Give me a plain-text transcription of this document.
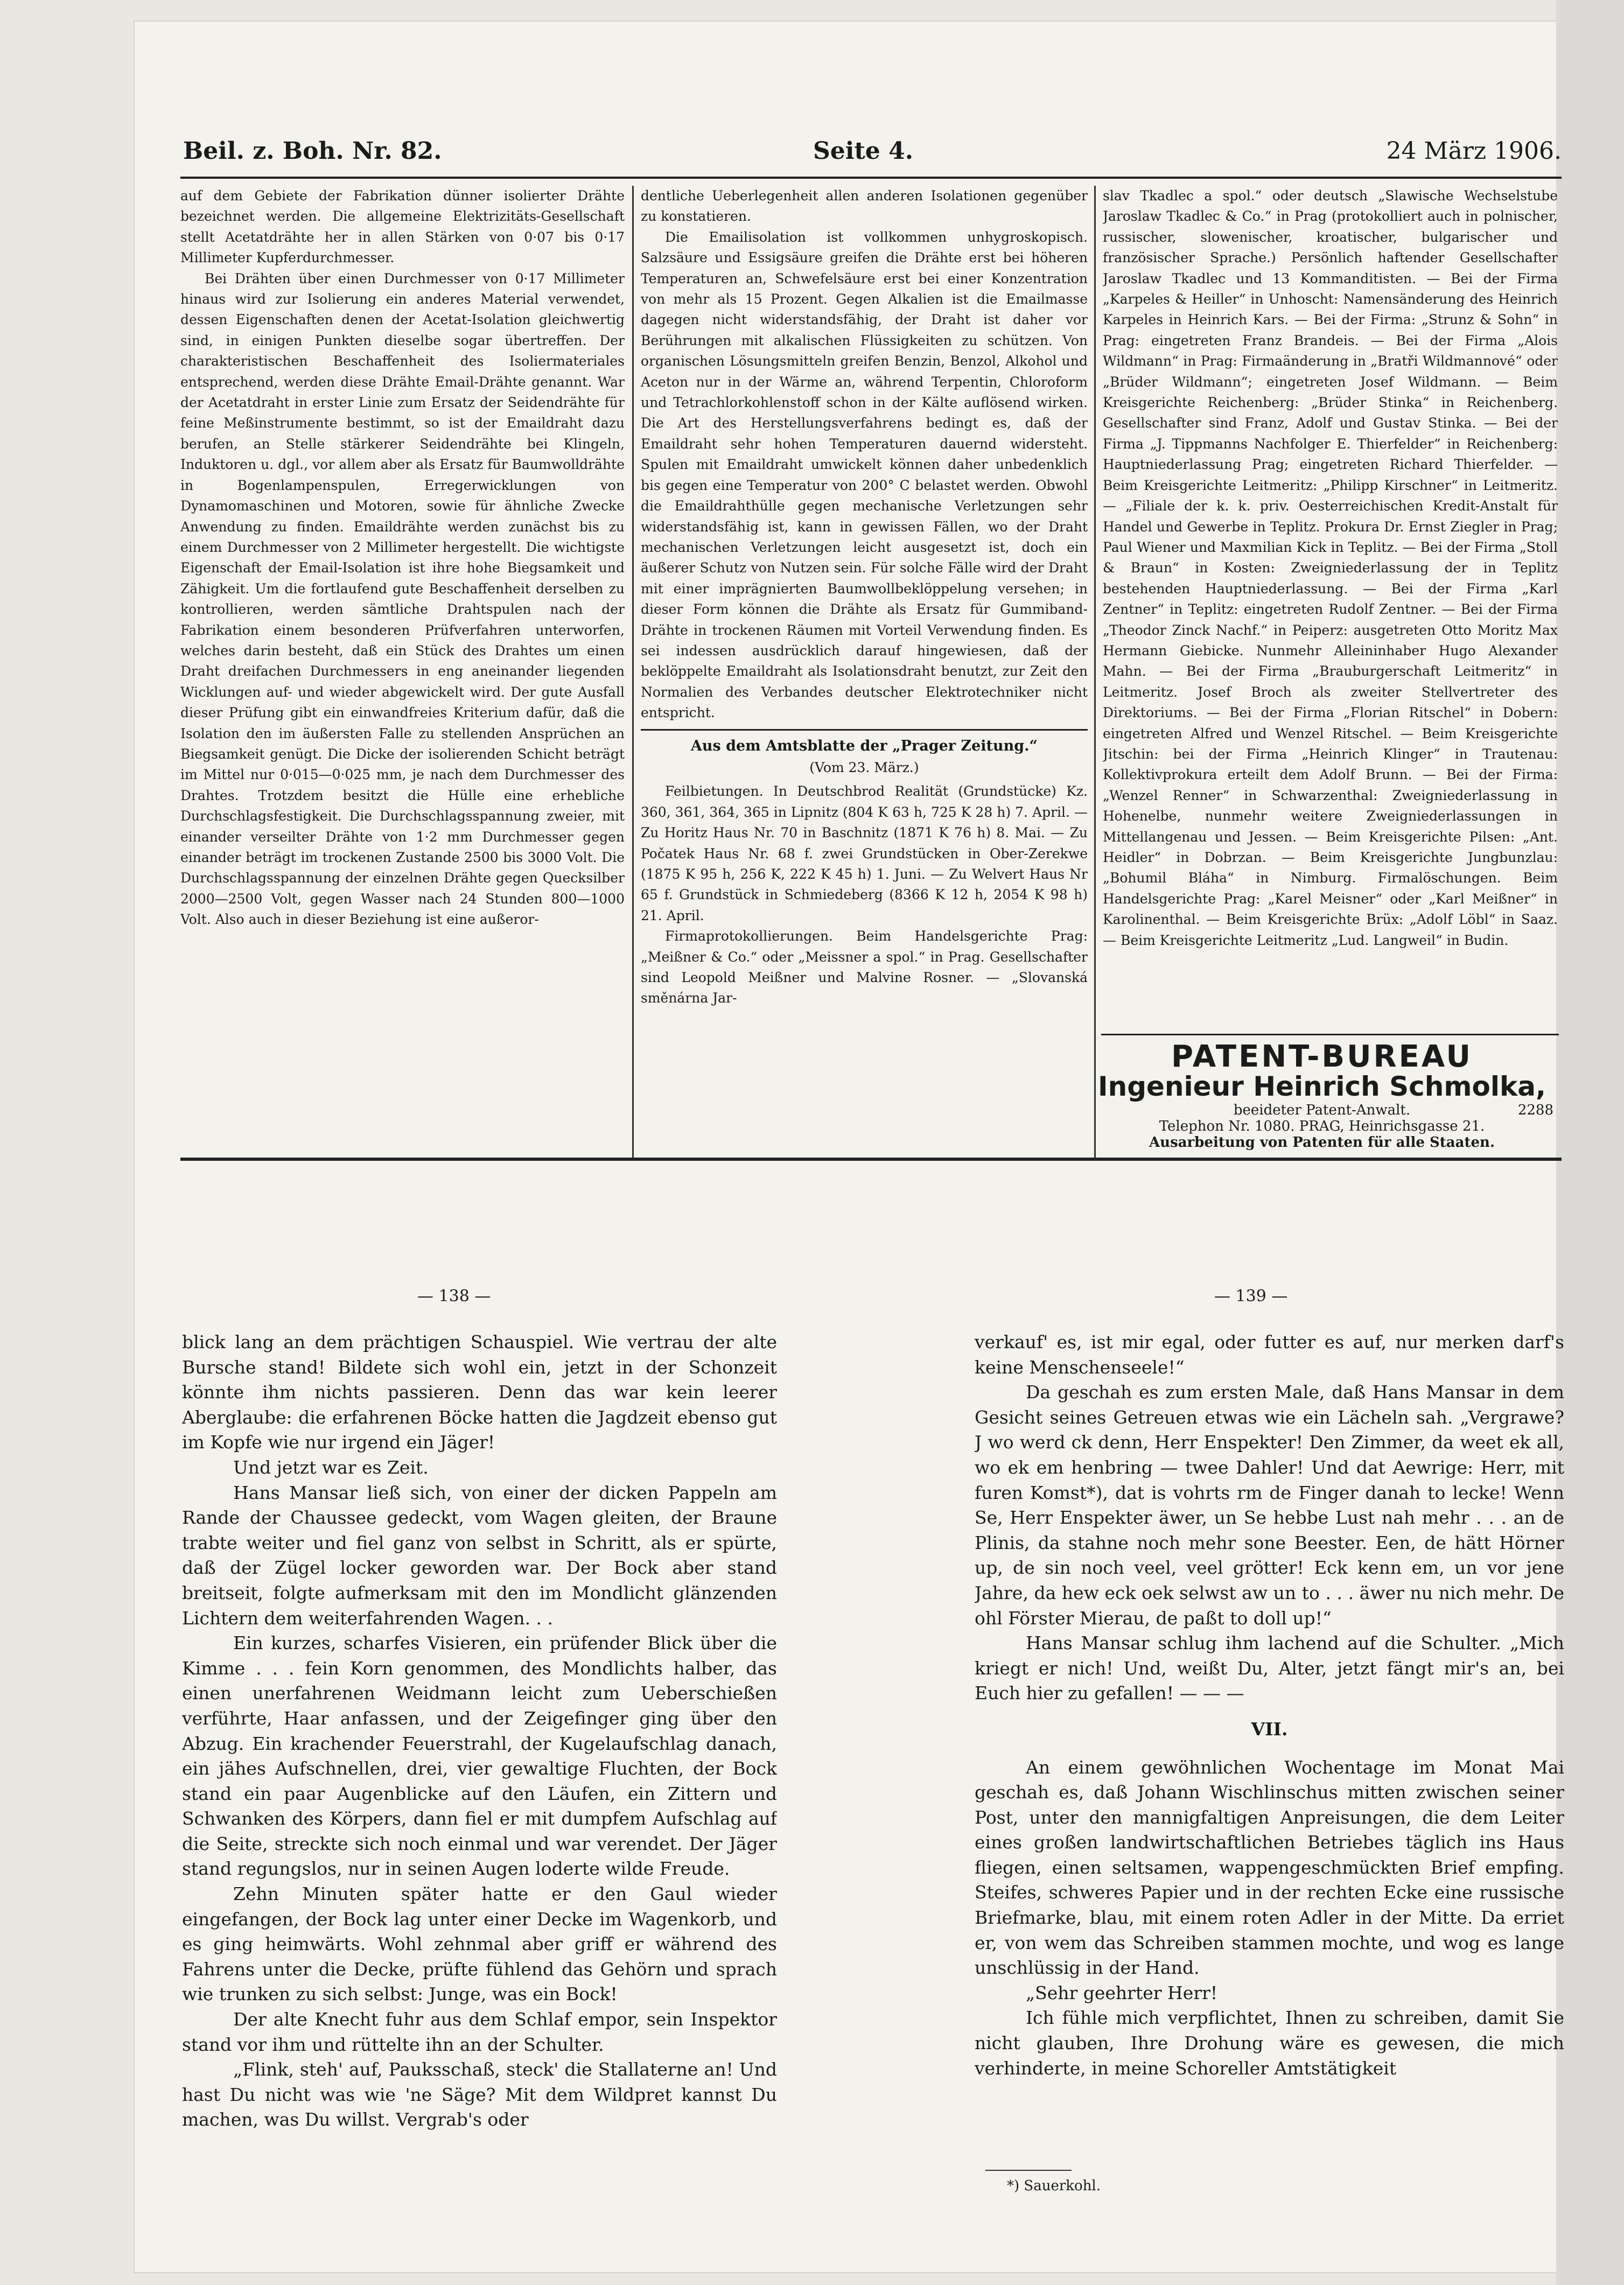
Beil. z. Boh. Nr. 82.	Seite 4.	24 März 1906.

auf dem Gebiete der Fabrikation dünner isolierter Drähte bezeichnet werden. Die allgemeine Elektrizitäts-Gesellschaft stellt Acetatdrähte her in allen Stärken von 0·07 bis 0·17 Millimeter Kupferdurchmesser.

Bei Drähten über einen Durchmesser von 0·17 Millimeter hinaus wird zur Isolierung ein anderes Material verwendet, dessen Eigenschaften denen der Acetat-Isolation gleichwertig sind, in einigen Punkten dieselbe sogar übertreffen. Der charakteristischen Beschaffenheit des Isoliermateriales entsprechend, werden diese Drähte Email-Drähte genannt. War der Acetatdraht in erster Linie zum Ersatz der Seidendrähte für feine Meßinstrumente bestimmt, so ist der Emaildraht dazu berufen, an Stelle stärkerer Seidendrähte bei Klingeln, Induktoren u. dgl., vor allem aber als Ersatz für Baumwolldrähte in Bogenlampenspulen, Erregerwicklungen von Dynamomaschinen und Motoren, sowie für ähnliche Zwecke Anwendung zu finden. Emaildrähte werden zunächst bis zu einem Durchmesser von 2 Millimeter hergestellt. Die wichtigste Eigenschaft der Email-Isolation ist ihre hohe Biegsamkeit und Zähigkeit. Um die fortlaufend gute Beschaffenheit derselben zu kontrollieren, werden sämtliche Drahtspulen nach der Fabrikation einem besonderen Prüfverfahren unterworfen, welches darin besteht, daß ein Stück des Drahtes um einen Draht dreifachen Durchmessers in eng aneinander liegenden Wicklungen auf- und wieder abgewickelt wird. Der gute Ausfall dieser Prüfung gibt ein einwandfreies Kriterium dafür, daß die Isolation den im äußersten Falle zu stellenden Ansprüchen an Biegsamkeit genügt. Die Dicke der isolierenden Schicht beträgt im Mittel nur 0·015—0·025 mm, je nach dem Durchmesser des Drahtes. Trotzdem besitzt die Hülle eine erhebliche Durchschlagsfestigkeit. Die Durchschlagsspannung zweier, mit einander verseilter Drähte von 1·2 mm Durchmesser gegen einander beträgt im trockenen Zustande 2500 bis 3000 Volt. Die Durchschlagsspannung der einzelnen Drähte gegen Quecksilber 2000—2500 Volt, gegen Wasser nach 24 Stunden 800—1000 Volt. Also auch in dieser Beziehung ist eine außeror-

dentliche Ueberlegenheit allen anderen Isolationen gegenüber zu konstatieren.

Die Emailisolation ist vollkommen unhygroskopisch. Salzsäure und Essigsäure greifen die Drähte erst bei höheren Temperaturen an, Schwefelsäure erst bei einer Konzentration von mehr als 15 Prozent. Gegen Alkalien ist die Emailmasse dagegen nicht widerstandsfähig, der Draht ist daher vor Berührungen mit alkalischen Flüssigkeiten zu schützen. Von organischen Lösungsmitteln greifen Benzin, Benzol, Alkohol und Aceton nur in der Wärme an, während Terpentin, Chloroform und Tetrachlorkohlenstoff schon in der Kälte auflösend wirken. Die Art des Herstellungsverfahrens bedingt es, daß der Emaildraht sehr hohen Temperaturen dauernd widersteht. Spulen mit Emaildraht umwickelt können daher unbedenklich bis gegen eine Temperatur von 200° C belastet werden. Obwohl die Emaildrahthülle gegen mechanische Verletzungen sehr widerstandsfähig ist, kann in gewissen Fällen, wo der Draht mechanischen Verletzungen leicht ausgesetzt ist, doch ein äußerer Schutz von Nutzen sein. Für solche Fälle wird der Draht mit einer imprägnierten Baumwollbeklöppelung versehen; in dieser Form können die Drähte als Ersatz für Gummiband-Drähte in trockenen Räumen mit Vorteil Verwendung finden. Es sei indessen ausdrücklich darauf hingewiesen, daß der beklöppelte Emaildraht als Isolationsdraht benutzt, zur Zeit den Normalien des Verbandes deutscher Elektrotechniker nicht entspricht.

Aus dem Amtsblatte der „Prager Zeitung.“
(Vom 23. März.)

Feilbietungen. In Deutschbrod Realität (Grundstücke) Kz. 360, 361, 364, 365 in Lipnitz (804 K 63 h, 725 K 28 h) 7. April. — Zu Horitz Haus Nr. 70 in Baschnitz (1871 K 76 h) 8. Mai. — Zu Počatek Haus Nr. 68 f. zwei Grundstücken in Ober-Zerekwe (1875 K 95 h, 256 K, 222 K 45 h) 1. Juni. — Zu Welvert Haus Nr 65 f. Grundstück in Schmiedeberg (8366 K 12 h, 2054 K 98 h) 21. April.

Firmaprotokollierungen. Beim Handelsgerichte Prag: „Meißner & Co.“ oder „Meissner a spol.“ in Prag. Gesellschafter sind Leopold Meißner und Malvine Rosner. — „Slovanská směnárna Jar-

slav Tkadlec a spol.“ oder deutsch „Slawische Wechselstube Jaroslaw Tkadlec & Co.“ in Prag (protokolliert auch in polnischer, russischer, slowenischer, kroatischer, bulgarischer und französischer Sprache.) Persönlich haftender Gesellschafter Jaroslaw Tkadlec und 13 Kommanditisten. — Bei der Firma „Karpeles & Heiller“ in Unhoscht: Namensänderung des Heinrich Karpeles in Heinrich Kars. — Bei der Firma: „Strunz & Sohn“ in Prag: eingetreten Franz Brandeis. — Bei der Firma „Alois Wildmann“ in Prag: Firmaänderung in „Bratři Wildmannové“ oder „Brüder Wildmann“; eingetreten Josef Wildmann. — Beim Kreisgerichte Reichenberg: „Brüder Stinka“ in Reichenberg. Gesellschafter sind Franz, Adolf und Gustav Stinka. — Bei der Firma „J. Tippmanns Nachfolger E. Thierfelder“ in Reichenberg: Hauptniederlassung Prag; eingetreten Richard Thierfelder. — Beim Kreisgerichte Leitmeritz: „Philipp Kirschner“ in Leitmeritz. — „Filiale der k. k. priv. Oesterreichischen Kredit-Anstalt für Handel und Gewerbe in Teplitz. Prokura Dr. Ernst Ziegler in Prag; Paul Wiener und Maxmilian Kick in Teplitz. — Bei der Firma „Stoll & Braun“ in Kosten: Zweigniederlassung der in Teplitz bestehenden Hauptniederlassung. — Bei der Firma „Karl Zentner“ in Teplitz: eingetreten Rudolf Zentner. — Bei der Firma „Theodor Zinck Nachf.“ in Peiperz: ausgetreten Otto Moritz Max Hermann Giebicke. Nunmehr Alleininhaber Hugo Alexander Mahn. — Bei der Firma „Brauburgerschaft Leitmeritz“ in Leitmeritz. Josef Broch als zweiter Stellvertreter des Direktoriums. — Bei der Firma „Florian Ritschel“ in Dobern: eingetreten Alfred und Wenzel Ritschel. — Beim Kreisgerichte Jitschin: bei der Firma „Heinrich Klinger“ in Trautenau: Kollektivprokura erteilt dem Adolf Brunn. — Bei der Firma: „Wenzel Renner“ in Schwarzenthal: Zweigniederlassung in Hohenelbe, nunmehr weitere Zweigniederlassungen in Mittellangenau und Jessen. — Beim Kreisgerichte Pilsen: „Ant. Heidler“ in Dobrzan. — Beim Kreisgerichte Jungbunzlau: „Bohumil Bláha“ in Nimburg. Firmalöschungen. Beim Handelsgerichte Prag: „Karel Meisner“ oder „Karl Meißner“ in Karolinenthal. — Beim Kreisgerichte Brüx: „Adolf Löbl“ in Saaz. — Beim Kreisgerichte Leitmeritz „Lud. Langweil“ in Budin.

PATENT-BUREAU
Ingenieur Heinrich Schmolka,
beeideter Patent-Anwalt.	2288
Telephon Nr. 1080. PRAG, Heinrichsgasse 21.
Ausarbeitung von Patenten für alle Staaten.
— 138 —	— 139 —

blick lang an dem prächtigen Schauspiel. Wie vertrau der alte Bursche stand! Bildete sich wohl ein, jetzt in der Schonzeit könnte ihm nichts passieren. Denn das war kein leerer Aberglaube: die erfahrenen Böcke hatten die Jagdzeit ebenso gut im Kopfe wie nur irgend ein Jäger!

Und jetzt war es Zeit.

Hans Mansar ließ sich, von einer der dicken Pappeln am Rande der Chaussee gedeckt, vom Wagen gleiten, der Braune trabte weiter und fiel ganz von selbst in Schritt, als er spürte, daß der Zügel locker geworden war. Der Bock aber stand breitseit, folgte aufmerksam mit den im Mondlicht glänzenden Lichtern dem weiterfahrenden Wagen. . .

Ein kurzes, scharfes Visieren, ein prüfender Blick über die Kimme . . . fein Korn genommen, des Mondlichts halber, das einen unerfahrenen Weidmann leicht zum Ueberschießen verführte, Haar anfassen, und der Zeigefinger ging über den Abzug. Ein krachender Feuerstrahl, der Kugelaufschlag danach, ein jähes Aufschnellen, drei, vier gewaltige Fluchten, der Bock stand ein paar Augenblicke auf den Läufen, ein Zittern und Schwanken des Körpers, dann fiel er mit dumpfem Aufschlag auf die Seite, streckte sich noch einmal und war verendet. Der Jäger stand regungslos, nur in seinen Augen loderte wilde Freude.

Zehn Minuten später hatte er den Gaul wieder eingefangen, der Bock lag unter einer Decke im Wagenkorb, und es ging heimwärts. Wohl zehnmal aber griff er während des Fahrens unter die Decke, prüfte fühlend das Gehörn und sprach wie trunken zu sich selbst: Junge, was ein Bock!

Der alte Knecht fuhr aus dem Schlaf empor, sein Inspektor stand vor ihm und rüttelte ihn an der Schulter.

„Flink, steh' auf, Pauksschaß, steck' die Stallaterne an! Und hast Du nicht was wie 'ne Säge? Mit dem Wildpret kannst Du machen, was Du willst. Vergrab's oder

verkauf' es, ist mir egal, oder futter es auf, nur merken darf's keine Menschenseele!“

Da geschah es zum ersten Male, daß Hans Mansar in dem Gesicht seines Getreuen etwas wie ein Lächeln sah. „Vergrawe? J wo werd ck denn, Herr Enspekter! Den Zimmer, da weet ek all, wo ek em henbring — twee Dahler! Und dat Aewrige: Herr, mit furen Komst*), dat is vohrts rm de Finger danah to lecke! Wenn Se, Herr Enspekter äwer, un Se hebbe Lust nah mehr . . . an de Plinis, da stahne noch mehr sone Beester. Een, de hätt Hörner up, de sin noch veel, veel grötter! Eck kenn em, un vor jene Jahre, da hew eck oek selwst aw un to . . . äwer nu nich mehr. De ohl Förster Mierau, de paßt to doll up!“

Hans Mansar schlug ihm lachend auf die Schulter. „Mich kriegt er nich! Und, weißt Du, Alter, jetzt fängt mir's an, bei Euch hier zu gefallen! — — —

VII.

An einem gewöhnlichen Wochentage im Monat Mai geschah es, daß Johann Wischlinschus mitten zwischen seiner Post, unter den mannigfaltigen Anpreisungen, die dem Leiter eines großen landwirtschaftlichen Betriebes täglich ins Haus fliegen, einen seltsamen, wappengeschmückten Brief empfing. Steifes, schweres Papier und in der rechten Ecke eine russische Briefmarke, blau, mit einem roten Adler in der Mitte. Da erriet er, von wem das Schreiben stammen mochte, und wog es lange unschlüssig in der Hand.

„Sehr geehrter Herr!

Ich fühle mich verpflichtet, Ihnen zu schreiben, damit Sie nicht glauben, Ihre Drohung wäre es gewesen, die mich verhinderte, in meine Schoreller Amtstätigkeit

*) Sauerkohl.
